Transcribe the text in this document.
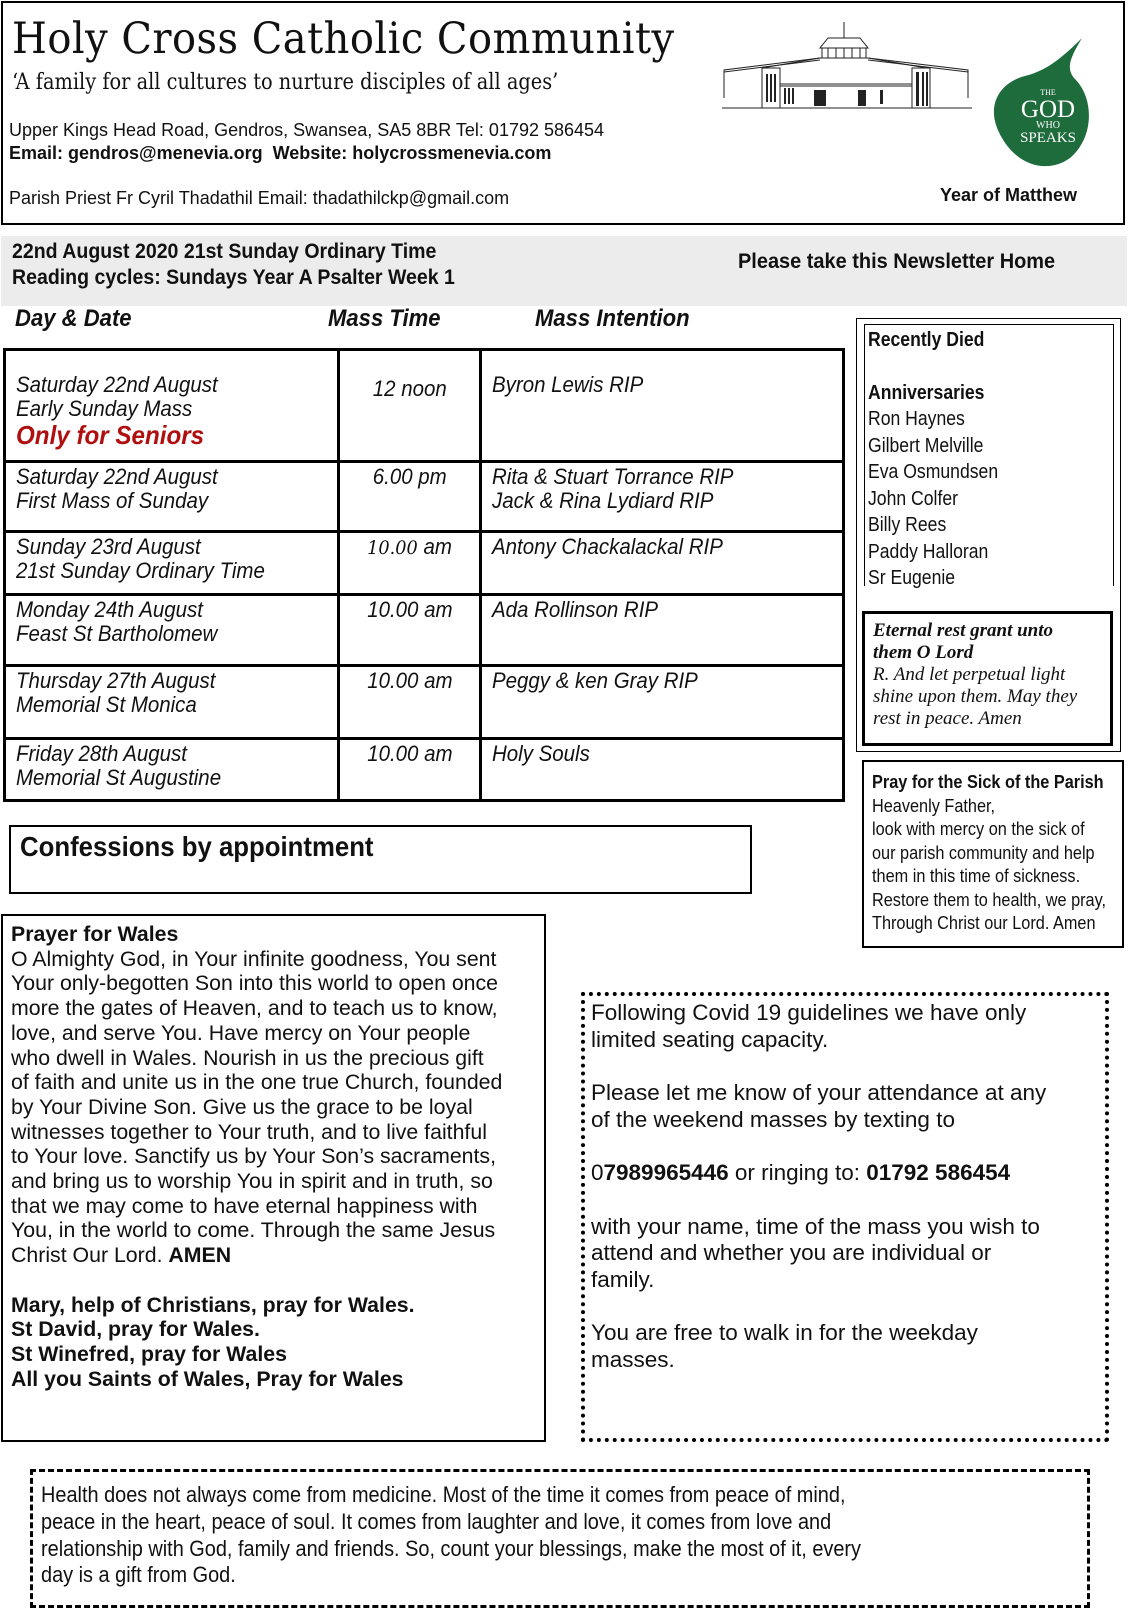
Holy Cross Catholic Community
‘A family for all cultures to nurture disciples of all ages’
Upper Kings Head Road, Gendros, Swansea, SA5 8BR Tel: 01792 586454
Email: gendros@menevia.org Website: holycrossmenevia.com
Parish Priest Fr Cyril Thadathil Email: thadathilckp@gmail.com
THE
GOD
WHO
SPEAKS
Year of Matthew
22nd August 2020 21st Sunday Ordinary Time
Reading cycles: Sundays Year A Psalter Week 1
Please take this Newsletter Home
Day & Date	Mass Time	Mass Intention
Saturday 22nd August
Early Sunday Mass
Only for Seniors	12 noon	Byron Lewis RIP
Saturday 22nd August
First Mass of Sunday	6.00 pm	Rita & Stuart Torrance RIP
Jack & Rina Lydiard RIP
Sunday 23rd August
21st Sunday Ordinary Time	10.00 am	Antony Chackalackal RIP
Monday 24th August
Feast St Bartholomew	10.00 am	Ada Rollinson RIP
Thursday 27th August
Memorial St Monica	10.00 am	Peggy & ken Gray RIP
Friday 28th August
Memorial St Augustine	10.00 am	Holy Souls
Recently Died
Anniversaries
Ron Haynes
Gilbert Melville
Eva Osmundsen
John Colfer
Billy Rees
Paddy Halloran
Sr Eugenie
Eternal rest grant unto
them O Lord
R. And let perpetual light
shine upon them. May they
rest in peace. Amen
Pray for the Sick of the Parish
Heavenly Father,
look with mercy on the sick of
our parish community and help
them in this time of sickness.
Restore them to health, we pray,
Through Christ our Lord. Amen
Confessions by appointment

Prayer for Wales

O Almighty God, in Your infinite goodness, You sent

Your only-begotten Son into this world to open once

more the gates of Heaven, and to teach us to know,

love, and serve You. Have mercy on Your people

who dwell in Wales. Nourish in us the precious gift

of faith and unite us in the one true Church, founded

by Your Divine Son. Give us the grace to be loyal

witnesses together to Your truth, and to live faithful

to Your love. Sanctify us by Your Son’s sacraments,

and bring us to worship You in spirit and in truth, so

that we may come to have eternal happiness with

You, in the world to come. Through the same Jesus

Christ Our Lord. AMEN

Mary, help of Christians, pray for Wales.

St David, pray for Wales.

St Winefred, pray for Wales

All you Saints of Wales, Pray for Wales

Following Covid 19 guidelines we have only

limited seating capacity.

Please let me know of your attendance at any

of the weekend masses by texting to

07989965446 or ringing to: 01792 586454

with your name, time of the mass you wish to

attend and whether you are individual or

family.

You are free to walk in for the weekday

masses.

Health does not always come from medicine. Most of the time it comes from peace of mind,
peace in the heart, peace of soul. It comes from laughter and love, it comes from love and
relationship with God, family and friends. So, count your blessings, make the most of it, every
day is a gift from God.
